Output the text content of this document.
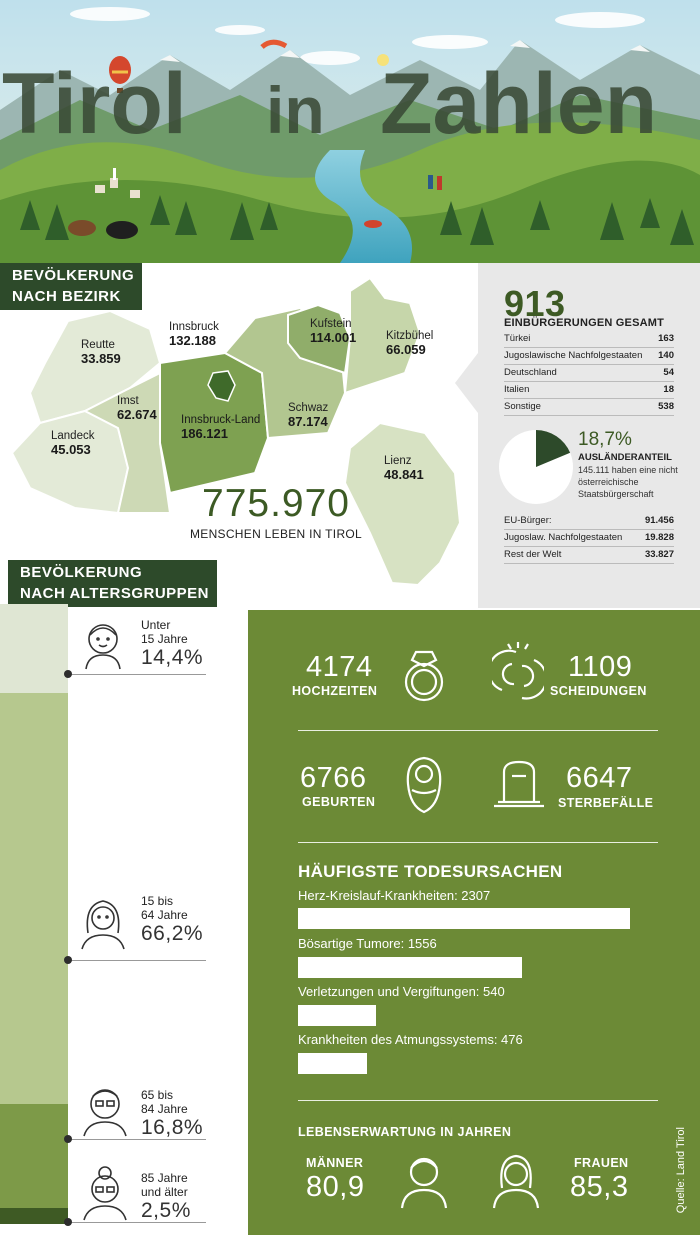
Tirol in Zahlen
BEVÖLKERUNG
NACH BEZIRK
Reutte
33.859
Innsbruck
132.188
Kufstein
114.001	Kitzbühel
66.059
Imst
62.674 Innsbruck-Land
186.121
Schwaz
87.174
Landeck
45.053
Lienz
48.841
775.970
MENSCHEN LEBEN IN TIROL
913
EINBÜRGERUNGEN GESAMT
Türkei	163
Jugoslawische Nachfolgestaaten 140
Deutschland	54
Italien	18
Sonstige	538
18,7%
AUSLÄNDERANTEIL
145.111 haben eine nicht österreichische Staatsbürgerschaft
EU-Bürger:	91.456
Jugoslaw. Nachfolgestaaten 19.828
Rest der Welt	33.827
BEVÖLKERUNG
NACH ALTERSGRUPPEN
Unter
15 Jahre
14,4%
15 bis
64 Jahre
66,2%
65 bis
84 Jahre
16,8%
85 Jahre
und älter
2,5%
4174
HOCHZEITEN
1109
SCHEIDUNGEN
6766
GEBURTEN
6647
STERBEFÄLLE
HÄUFIGSTE TODESURSACHEN
Herz-Kreislauf-Krankheiten: 2307
Bösartige Tumore: 1556
Verletzungen und Vergiftungen: 540
Krankheiten des Atmungssystems: 476
LEBENSERWARTUNG IN JAHREN
MÄNNER
80,9
FRAUEN
85,3	Quelle: Land Tirol
